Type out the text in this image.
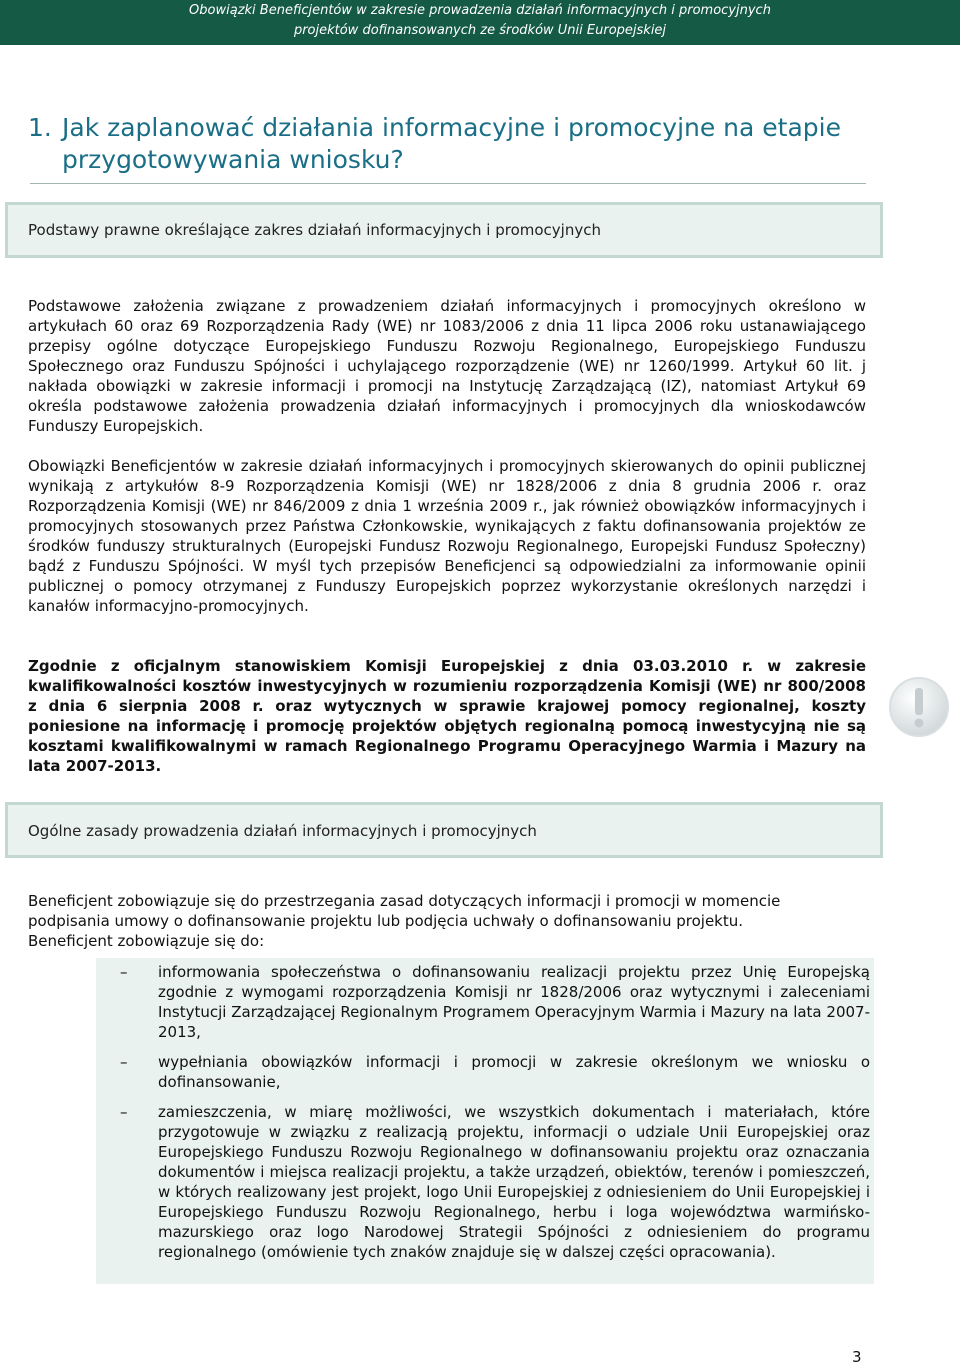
Obowiązki Beneficjentów w zakresie prowadzenia działań informacyjnych i promocyjnych
projektów dofinansowanych ze środków Unii Europejskiej
1. Jak zaplanować działania informacyjne i promocyjne na etapie
przygotowywania wniosku?
Podstawy prawne określające zakres działań informacyjnych i promocyjnych

Podstawowe założenia związane z prowadzeniem działań informacyjnych i promocyjnych określono w artykułach 60 oraz 69 Rozporządzenia Rady (WE) nr 1083/2006 z dnia 11 lipca 2006 roku ustanawiającego przepisy ogólne dotyczące Europejskiego Funduszu Rozwoju Regionalnego, Europejskiego Funduszu Społecznego oraz Funduszu Spójności i uchylającego rozporządzenie (WE) nr 1260/1999. Artykuł 60 lit. j nakłada obowiązki w zakresie informacji i promocji na Instytucję Zarządzającą (IZ), natomiast Artykuł 69 określa podstawowe założenia prowadzenia działań informacyjnych i promocyjnych dla wnioskodawców Funduszy Europejskich.

Obowiązki Beneficjentów w zakresie działań informacyjnych i promocyjnych skierowanych do opinii publicznej wynikają z artykułów 8-9 Rozporządzenia Komisji (WE) nr 1828/2006 z dnia 8 grudnia 2006 r. oraz Rozporządzenia Komisji (WE) nr 846/2009 z dnia 1 września 2009 r., jak również obowiązków informacyjnych i promocyjnych stosowanych przez Państwa Członkowskie, wynikających z faktu dofinansowania projektów ze środków funduszy strukturalnych (Europejski Fundusz Rozwoju Regionalnego, Europejski Fundusz Społeczny) bądź z Funduszu Spójności. W myśl tych przepisów Beneficjenci są odpowiedzialni za informowanie opinii publicznej o pomocy otrzymanej z Funduszy Europejskich poprzez wykorzystanie określonych narzędzi i kanałów informacyjno-promocyjnych.

Zgodnie z oficjalnym stanowiskiem Komisji Europejskiej z dnia 03.03.2010 r. w zakresie kwalifikowalności kosztów inwestycyjnych w rozumieniu rozporządzenia Komisji (WE) nr 800/2008 z dnia 6 sierpnia 2008 r. oraz wytycznych w sprawie krajowej pomocy regionalnej, koszty poniesione na informację i promocję projektów objętych regionalną pomocą inwestycyjną nie są kosztami kwalifikowalnymi w ramach Regionalnego Programu Operacyjnego Warmia i Mazury na lata 2007-2013.

Ogólne zasady prowadzenia działań informacyjnych i promocyjnych
Beneficjent zobowiązuje się do przestrzegania zasad dotyczących informacji i promocji w momencie podpisania umowy o dofinansowanie projektu lub podjęcia uchwały o dofinansowaniu projektu.
Beneficjent zobowiązuje się do:
–	informowania społeczeństwa o dofinansowaniu realizacji projektu przez Unię Europejską zgodnie z wymogami rozporządzenia Komisji nr 1828/2006 oraz wytycznymi i zaleceniami Instytucji Zarządzającej Regionalnym Programem Operacyjnym Warmia i Mazury na lata 2007-2013,
–	wypełniania obowiązków informacji i promocji w zakresie określonym we wniosku o dofinansowanie,
–	zamieszczenia, w miarę możliwości, we wszystkich dokumentach i materiałach, które przygotowuje w związku z realizacją projektu, informacji o udziale Unii Europejskiej oraz Europejskiego Funduszu Rozwoju Regionalnego w dofinansowaniu projektu oraz oznaczania dokumentów i miejsca realizacji projektu, a także urządzeń, obiektów, terenów i pomieszczeń, w których realizowany jest projekt, logo Unii Europejskiej z odniesieniem do Unii Europejskiej i Europejskiego Funduszu Rozwoju Regionalnego, herbu i loga województwa warmińsko-mazurskiego oraz logo Narodowej Strategii Spójności z odniesieniem do programu regionalnego (omówienie tych znaków znajduje się w dalszej części opracowania).
3
